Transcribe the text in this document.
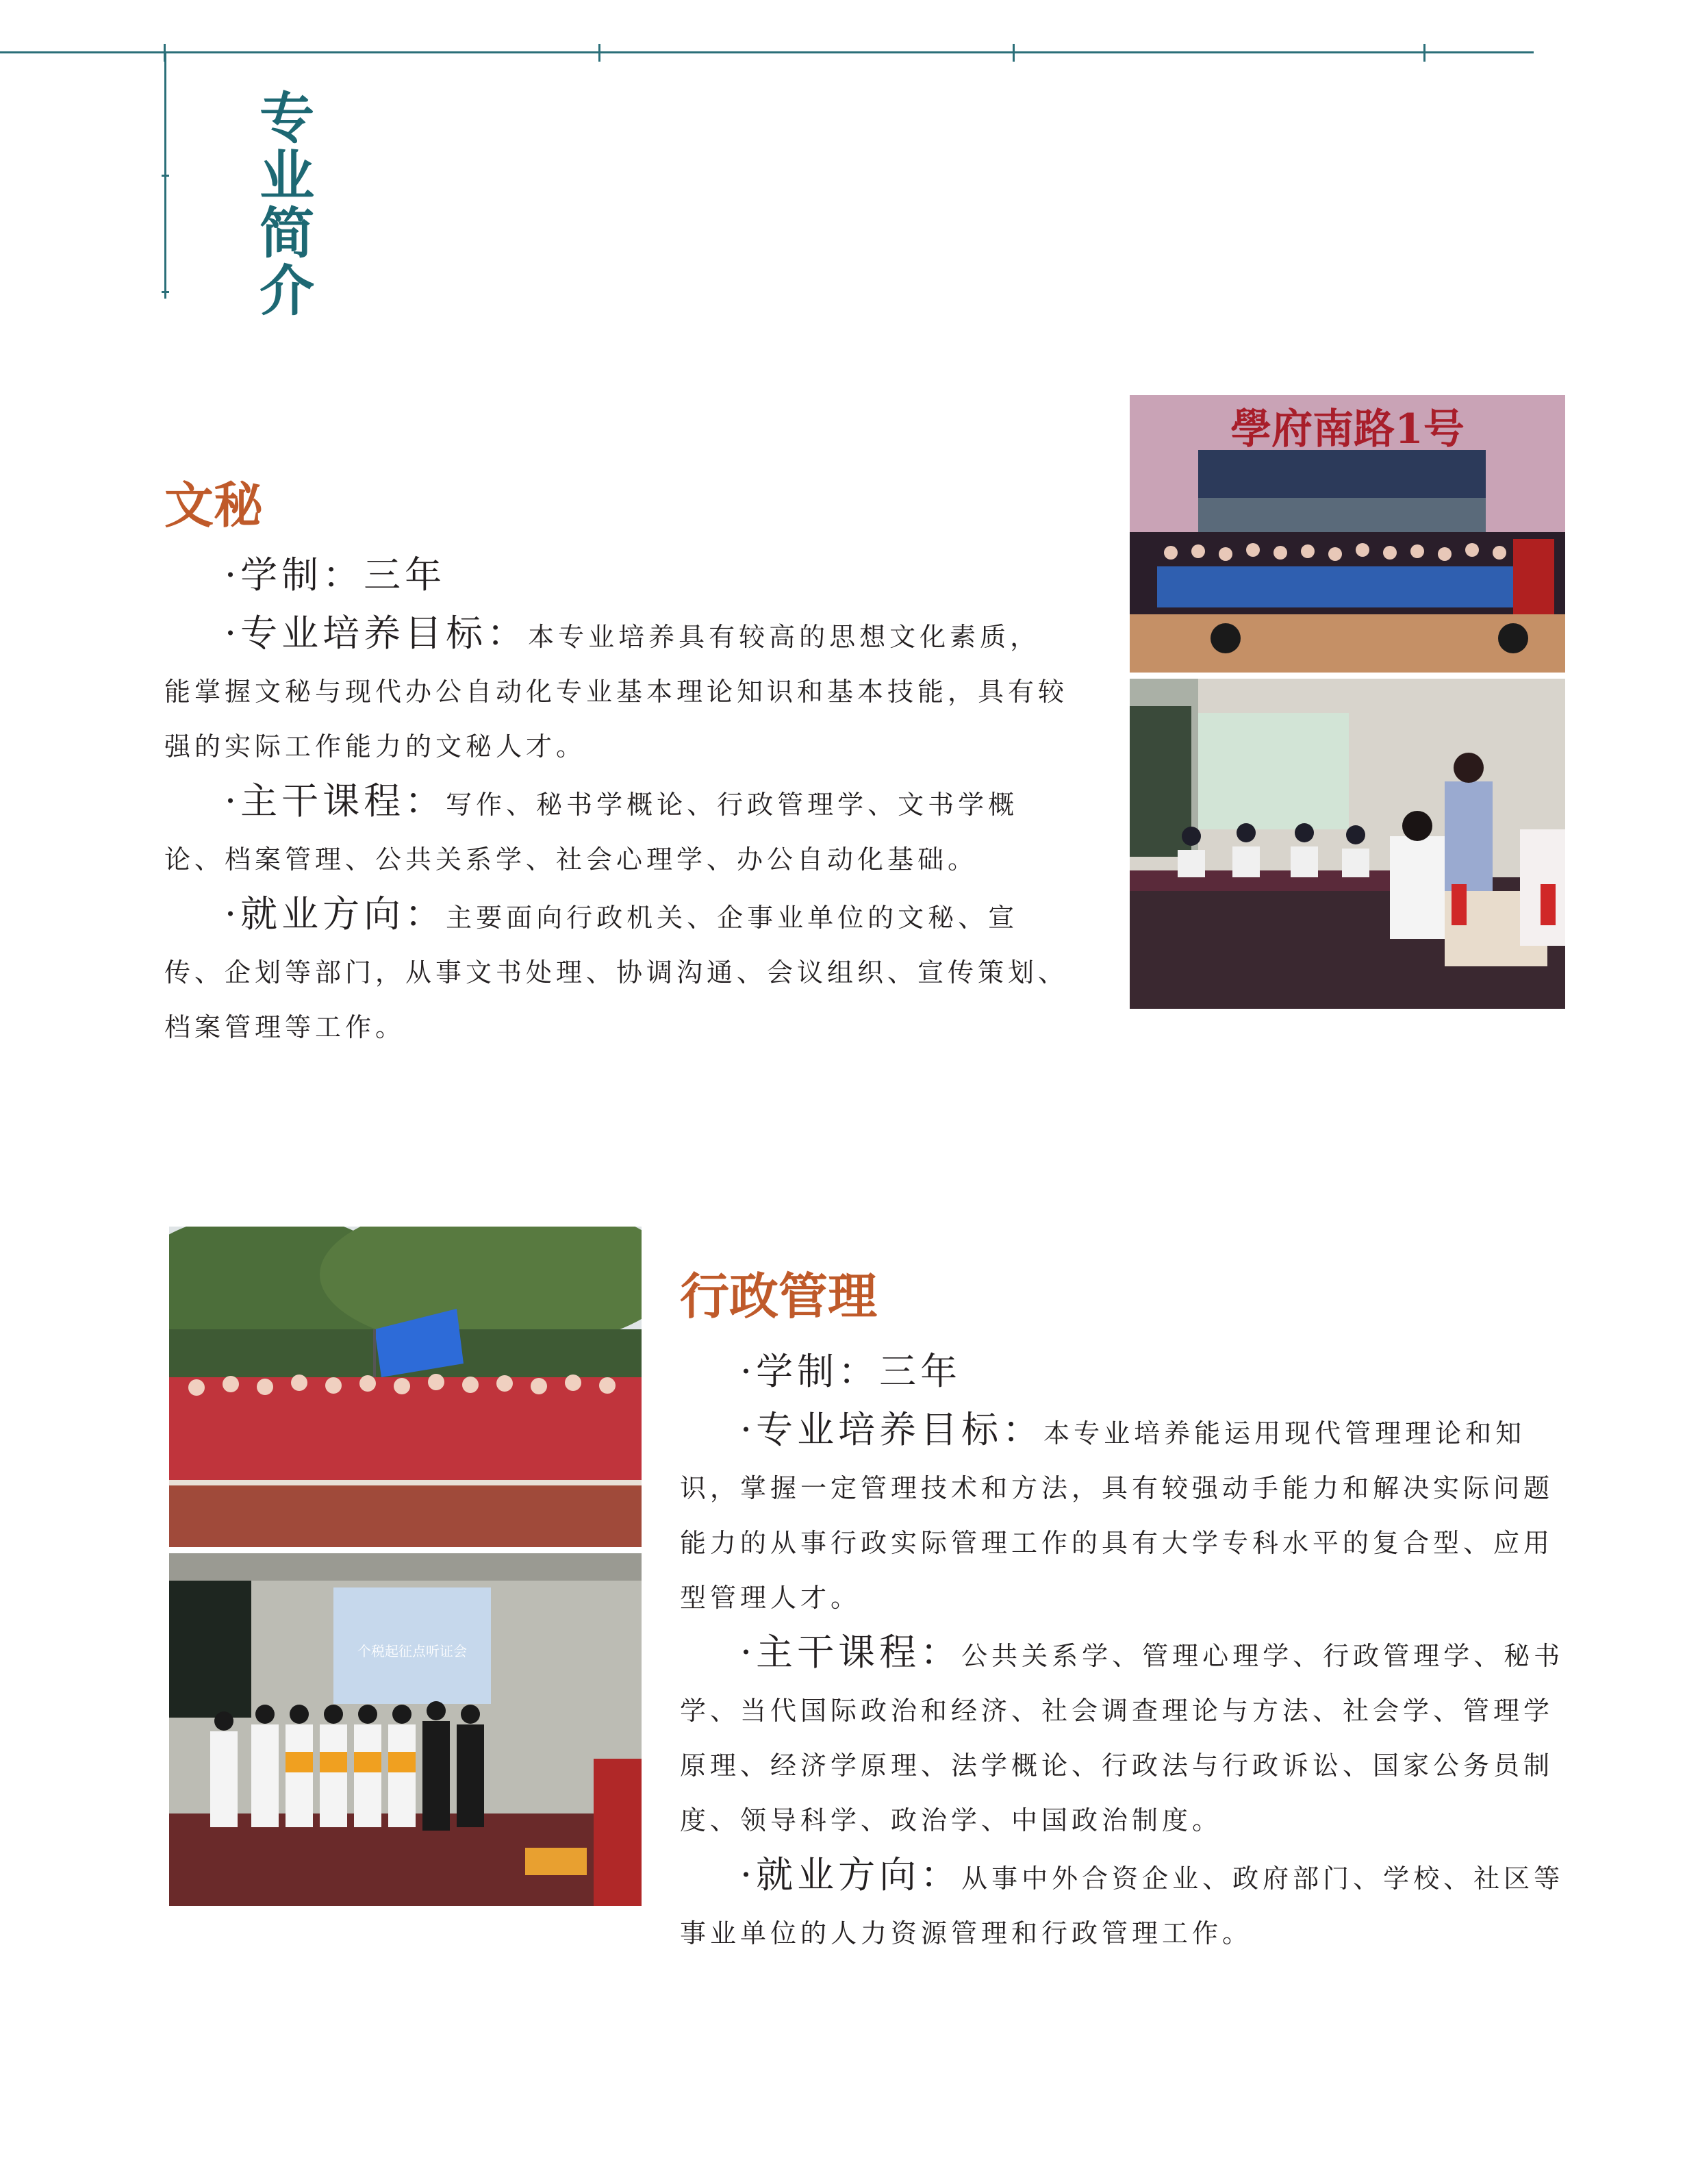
专业简介
文秘

·学制：三年

·专业培养目标：本专业培养具有较高的思想文化素质，能掌握文秘与现代办公自动化专业基本理论知识和基本技能，具有较强的实际工作能力的文秘人才。

·主干课程：写作、秘书学概论、行政管理学、文书学概论、档案管理、公共关系学、社会心理学、办公自动化基础。

·就业方向：主要面向行政机关、企事业单位的文秘、宣传、企划等部门，从事文书处理、协调沟通、会议组织、宣传策划、档案管理等工作。

學府南路1号
行政管理

·学制：三年

·专业培养目标：本专业培养能运用现代管理理论和知识，掌握一定管理技术和方法，具有较强动手能力和解决实际问题能力的从事行政实际管理工作的具有大学专科水平的复合型、应用型管理人才。

·主干课程：公共关系学、管理心理学、行政管理学、秘书学、当代国际政治和经济、社会调查理论与方法、社会学、管理学原理、经济学原理、法学概论、行政法与行政诉讼、国家公务员制度、领导科学、政治学、中国政治制度。

·就业方向：从事中外合资企业、政府部门、学校、社区等事业单位的人力资源管理和行政管理工作。

个税起征点听证会
